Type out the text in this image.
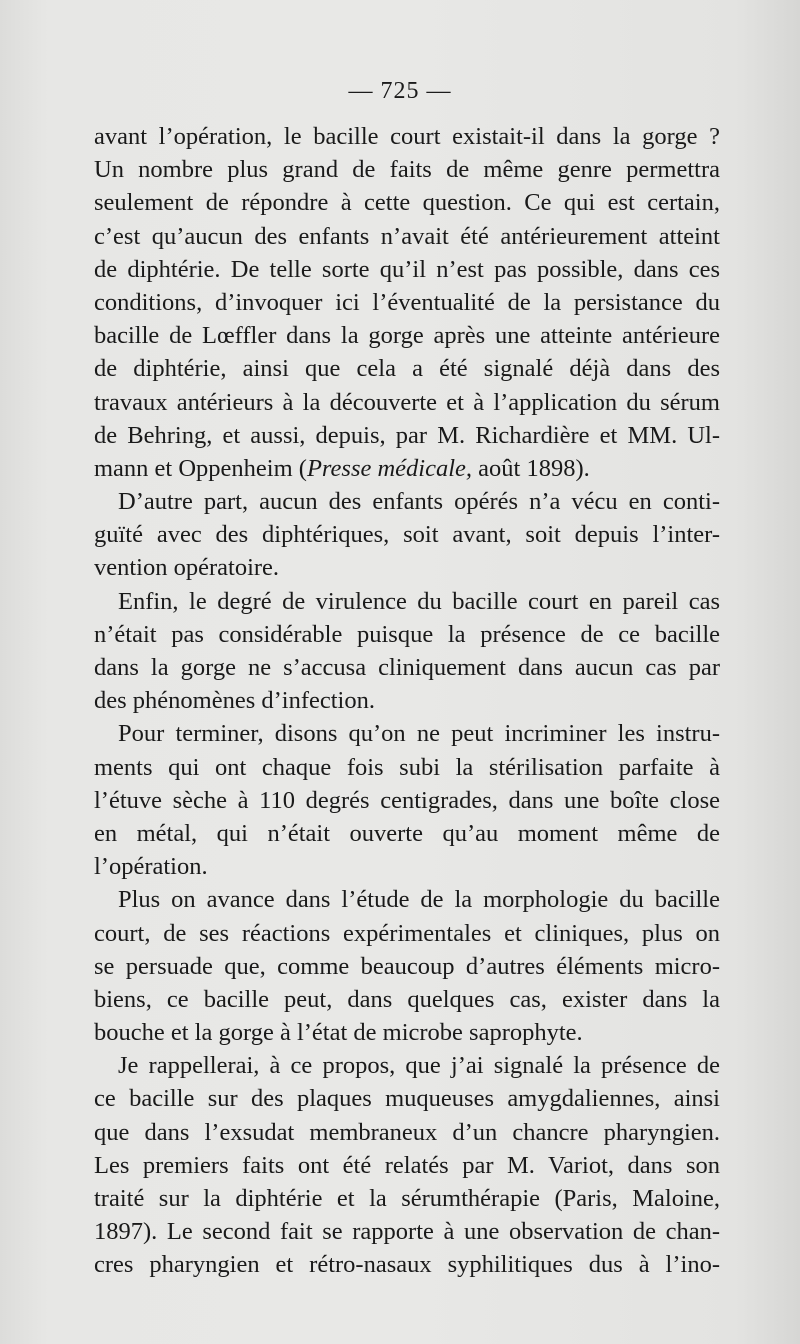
— 725 —
avant l’opération, le bacille court existait-il dans la gorge ?
Un nombre plus grand de faits de même genre permettra
seulement de répondre à cette question. Ce qui est certain,
c’est qu’aucun des enfants n’avait été antérieurement atteint
de diphtérie. De telle sorte qu’il n’est pas possible, dans ces
conditions, d’invoquer ici l’éventualité de la persistance du
bacille de Lœffler dans la gorge après une atteinte antérieure
de diphtérie, ainsi que cela a été signalé déjà dans des
travaux antérieurs à la découverte et à l’application du sérum
de Behring, et aussi, depuis, par M. Richardière et MM. Ul-
mann et Oppenheim (Presse médicale, août 1898).
D’autre part, aucun des enfants opérés n’a vécu en conti-
guïté avec des diphtériques, soit avant, soit depuis l’inter-
vention opératoire.
Enfin, le degré de virulence du bacille court en pareil cas
n’était pas considérable puisque la présence de ce bacille
dans la gorge ne s’accusa cliniquement dans aucun cas par
des phénomènes d’infection.
Pour terminer, disons qu’on ne peut incriminer les instru-
ments qui ont chaque fois subi la stérilisation parfaite à
l’étuve sèche à 110 degrés centigrades, dans une boîte close
en métal, qui n’était ouverte qu’au moment même de
l’opération.
Plus on avance dans l’étude de la morphologie du bacille
court, de ses réactions expérimentales et cliniques, plus on
se persuade que, comme beaucoup d’autres éléments micro-
biens, ce bacille peut, dans quelques cas, exister dans la
bouche et la gorge à l’état de microbe saprophyte.
Je rappellerai, à ce propos, que j’ai signalé la présence de
ce bacille sur des plaques muqueuses amygdaliennes, ainsi
que dans l’exsudat membraneux d’un chancre pharyngien.
Les premiers faits ont été relatés par M. Variot, dans son
traité sur la diphtérie et la sérumthérapie (Paris, Maloine,
1897). Le second fait se rapporte à une observation de chan-
cres pharyngien et rétro-nasaux syphilitiques dus à l’ino-
